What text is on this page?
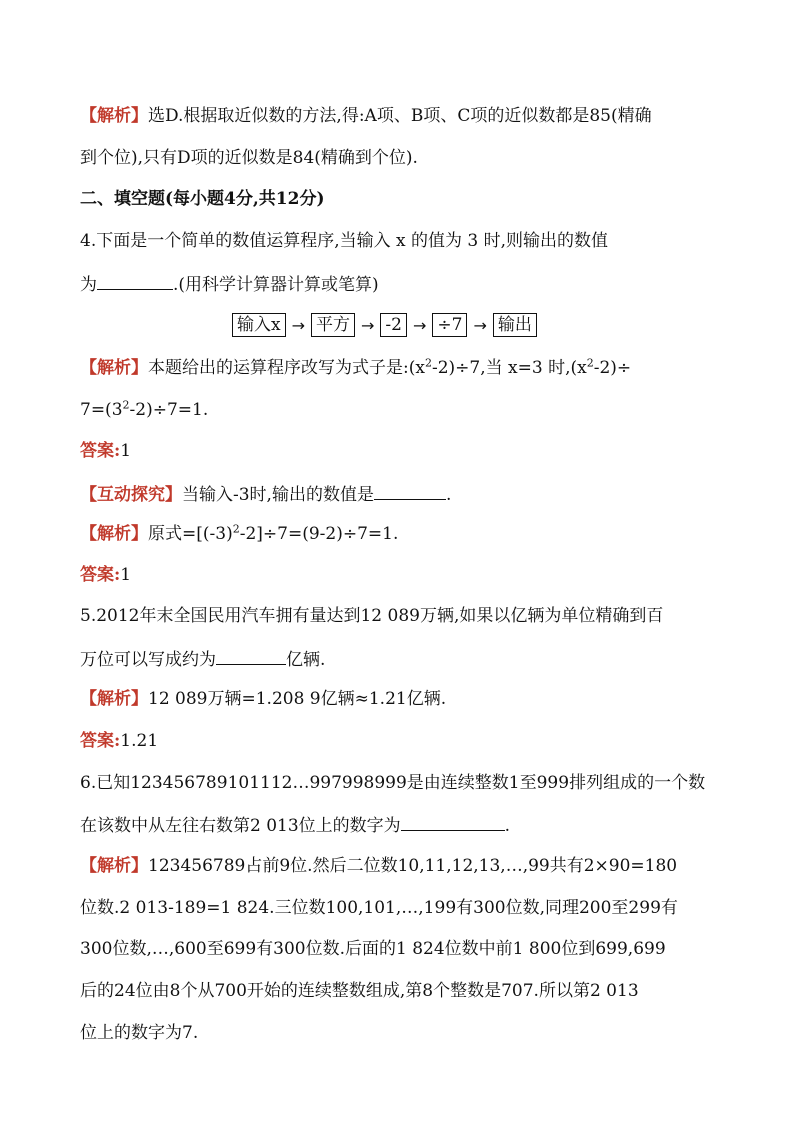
【解析】选D.根据取近似数的方法,得:A项、B项、C项的近似数都是85(精确
到个位),只有D项的近似数是84(精确到个位).
二、填空题(每小题4分,共12分)
4.下面是一个简单的数值运算程序,当输入 x 的值为 3 时,则输出的数值
为	.(用科学计算器计算或笔算)
输入x → 平方 → -2 → ÷7 → 输出
【解析】本题给出的运算程序改写为式子是$:(x^2-2)\div 7$,当 x=3 时$,(x^2-2)\div$
$7=(3^2-2)\div 7=1$.
答案:1
【互动探究】当输入-3时,输出的数值是	.
【解析】原式$=[(-3)^2-2]\div 7=(9-2)\div 7=1$.
答案:1
5.2012年末全国民用汽车拥有量达到12 089万辆,如果以亿辆为单位精确到百
万位可以写成约为	亿辆.
【解析】12 089万辆=1.208 9亿辆≈1.21亿辆.
答案:1.21
6.已知123456789101112…997998999是由连续整数1至999排列组成的一个数
在该数中从左往右数第2 013位上的数字为	.
【解析】123456789占前9位.然后二位数10,11,12,13,…,99共有2×90=180
位数.2 013-189=1 824.三位数100,101,…,199有300位数,同理200至299有
300位数,…,600至699有300位数.后面的1 824位数中前1 800位到699,699
后的24位由8个从700开始的连续整数组成,第8个整数是707.所以第2 013
位上的数字为7.
